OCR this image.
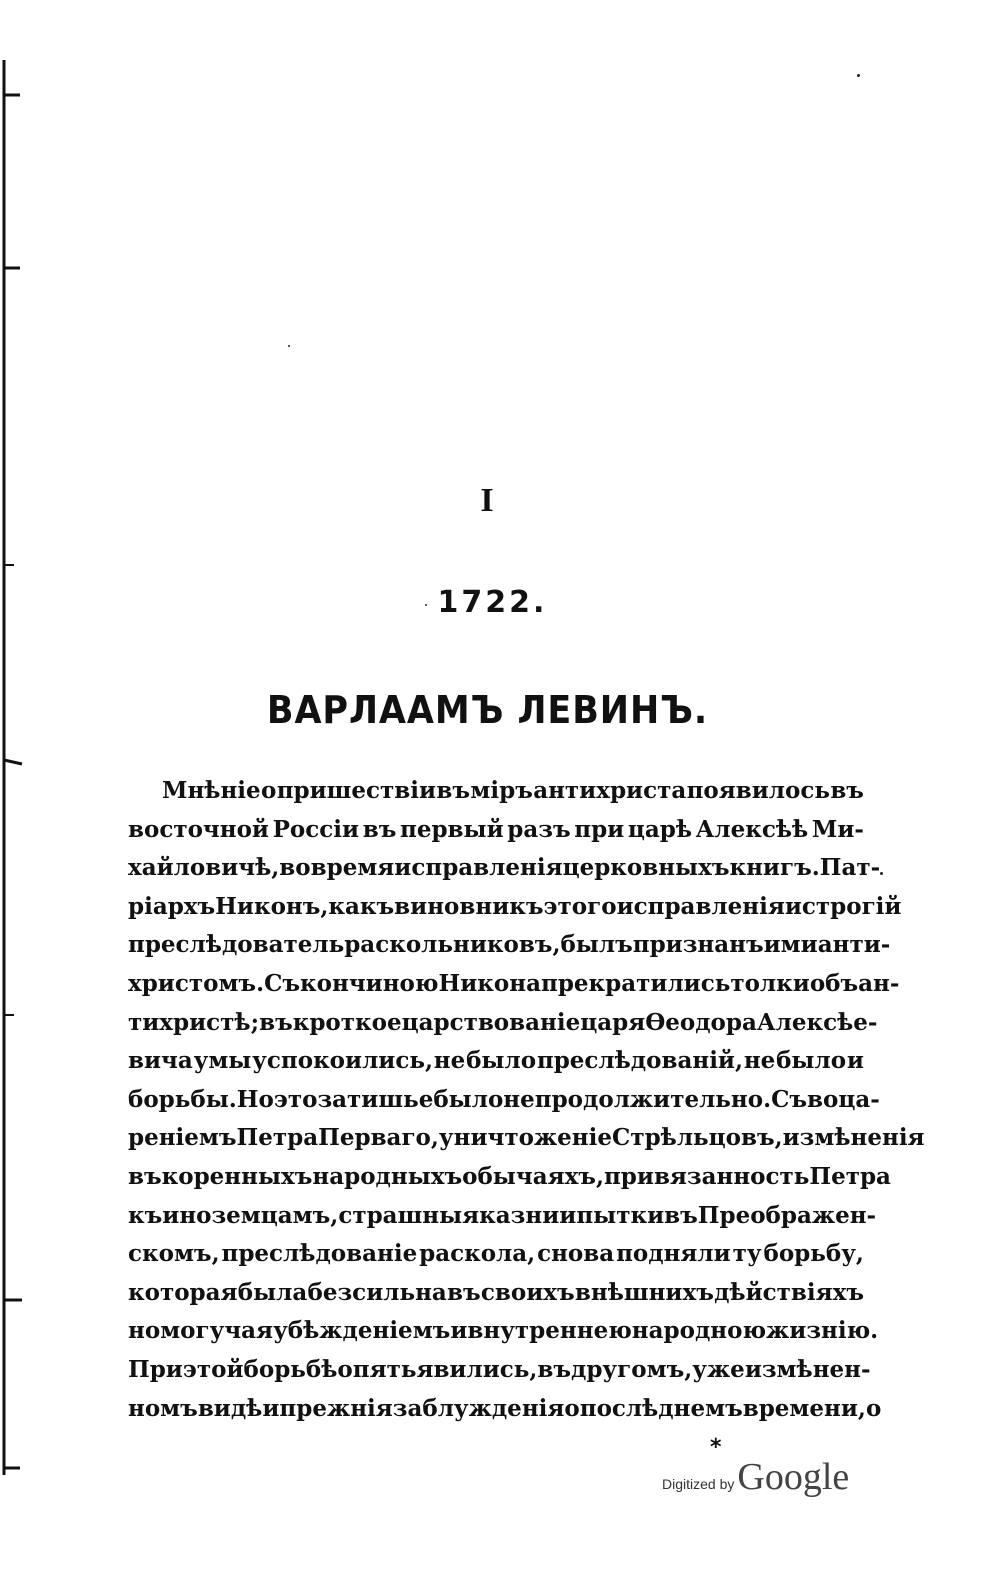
I
1722.
ВАРЛААМЪ ЛЕВИНЪ.
Мнѣніе о пришествіи въ міръ антихриста появилось въ
восточной Россіи въ первый разъ при царѣ Алексѣѣ Ми-
хайловичѣ, во время исправленія церковныхъ книгъ. Пат-
ріархъ Никонъ, какъ виновникъ этого исправленія и строгій
преслѣдователь раскольниковъ, былъ признанъ ими анти-
христомъ. Съ кончиною Никона прекратились толки объ ан-
тихристѣ; въ кроткое царствованіе царя Ѳеодора Алексѣе-
вича умы успокоились, не было преслѣдованій, не было и
борьбы. Но это затишье было непродолжительно. Съ воца-
реніемъ Петра Перваго, уничтоженіе Стрѣльцовъ, измѣненія
въ коренныхъ народныхъ обычаяхъ, привязанность Петра
къ иноземцамъ, страшныя казни и пытки въ Преображен-
скомъ, преслѣдованіе раскола, снова подняли ту борьбу,
которая была безсильна въ своихъ внѣшнихъ дѣйствіяхъ
но могучая убѣжденіемъ и внутреннею народною жизнію.
При этой борьбѣ опять явились, въ другомъ, уже измѣнен-
номъ видѣ и прежнія заблужденія о послѣднемъ времени, о
*
Digitized by Google
